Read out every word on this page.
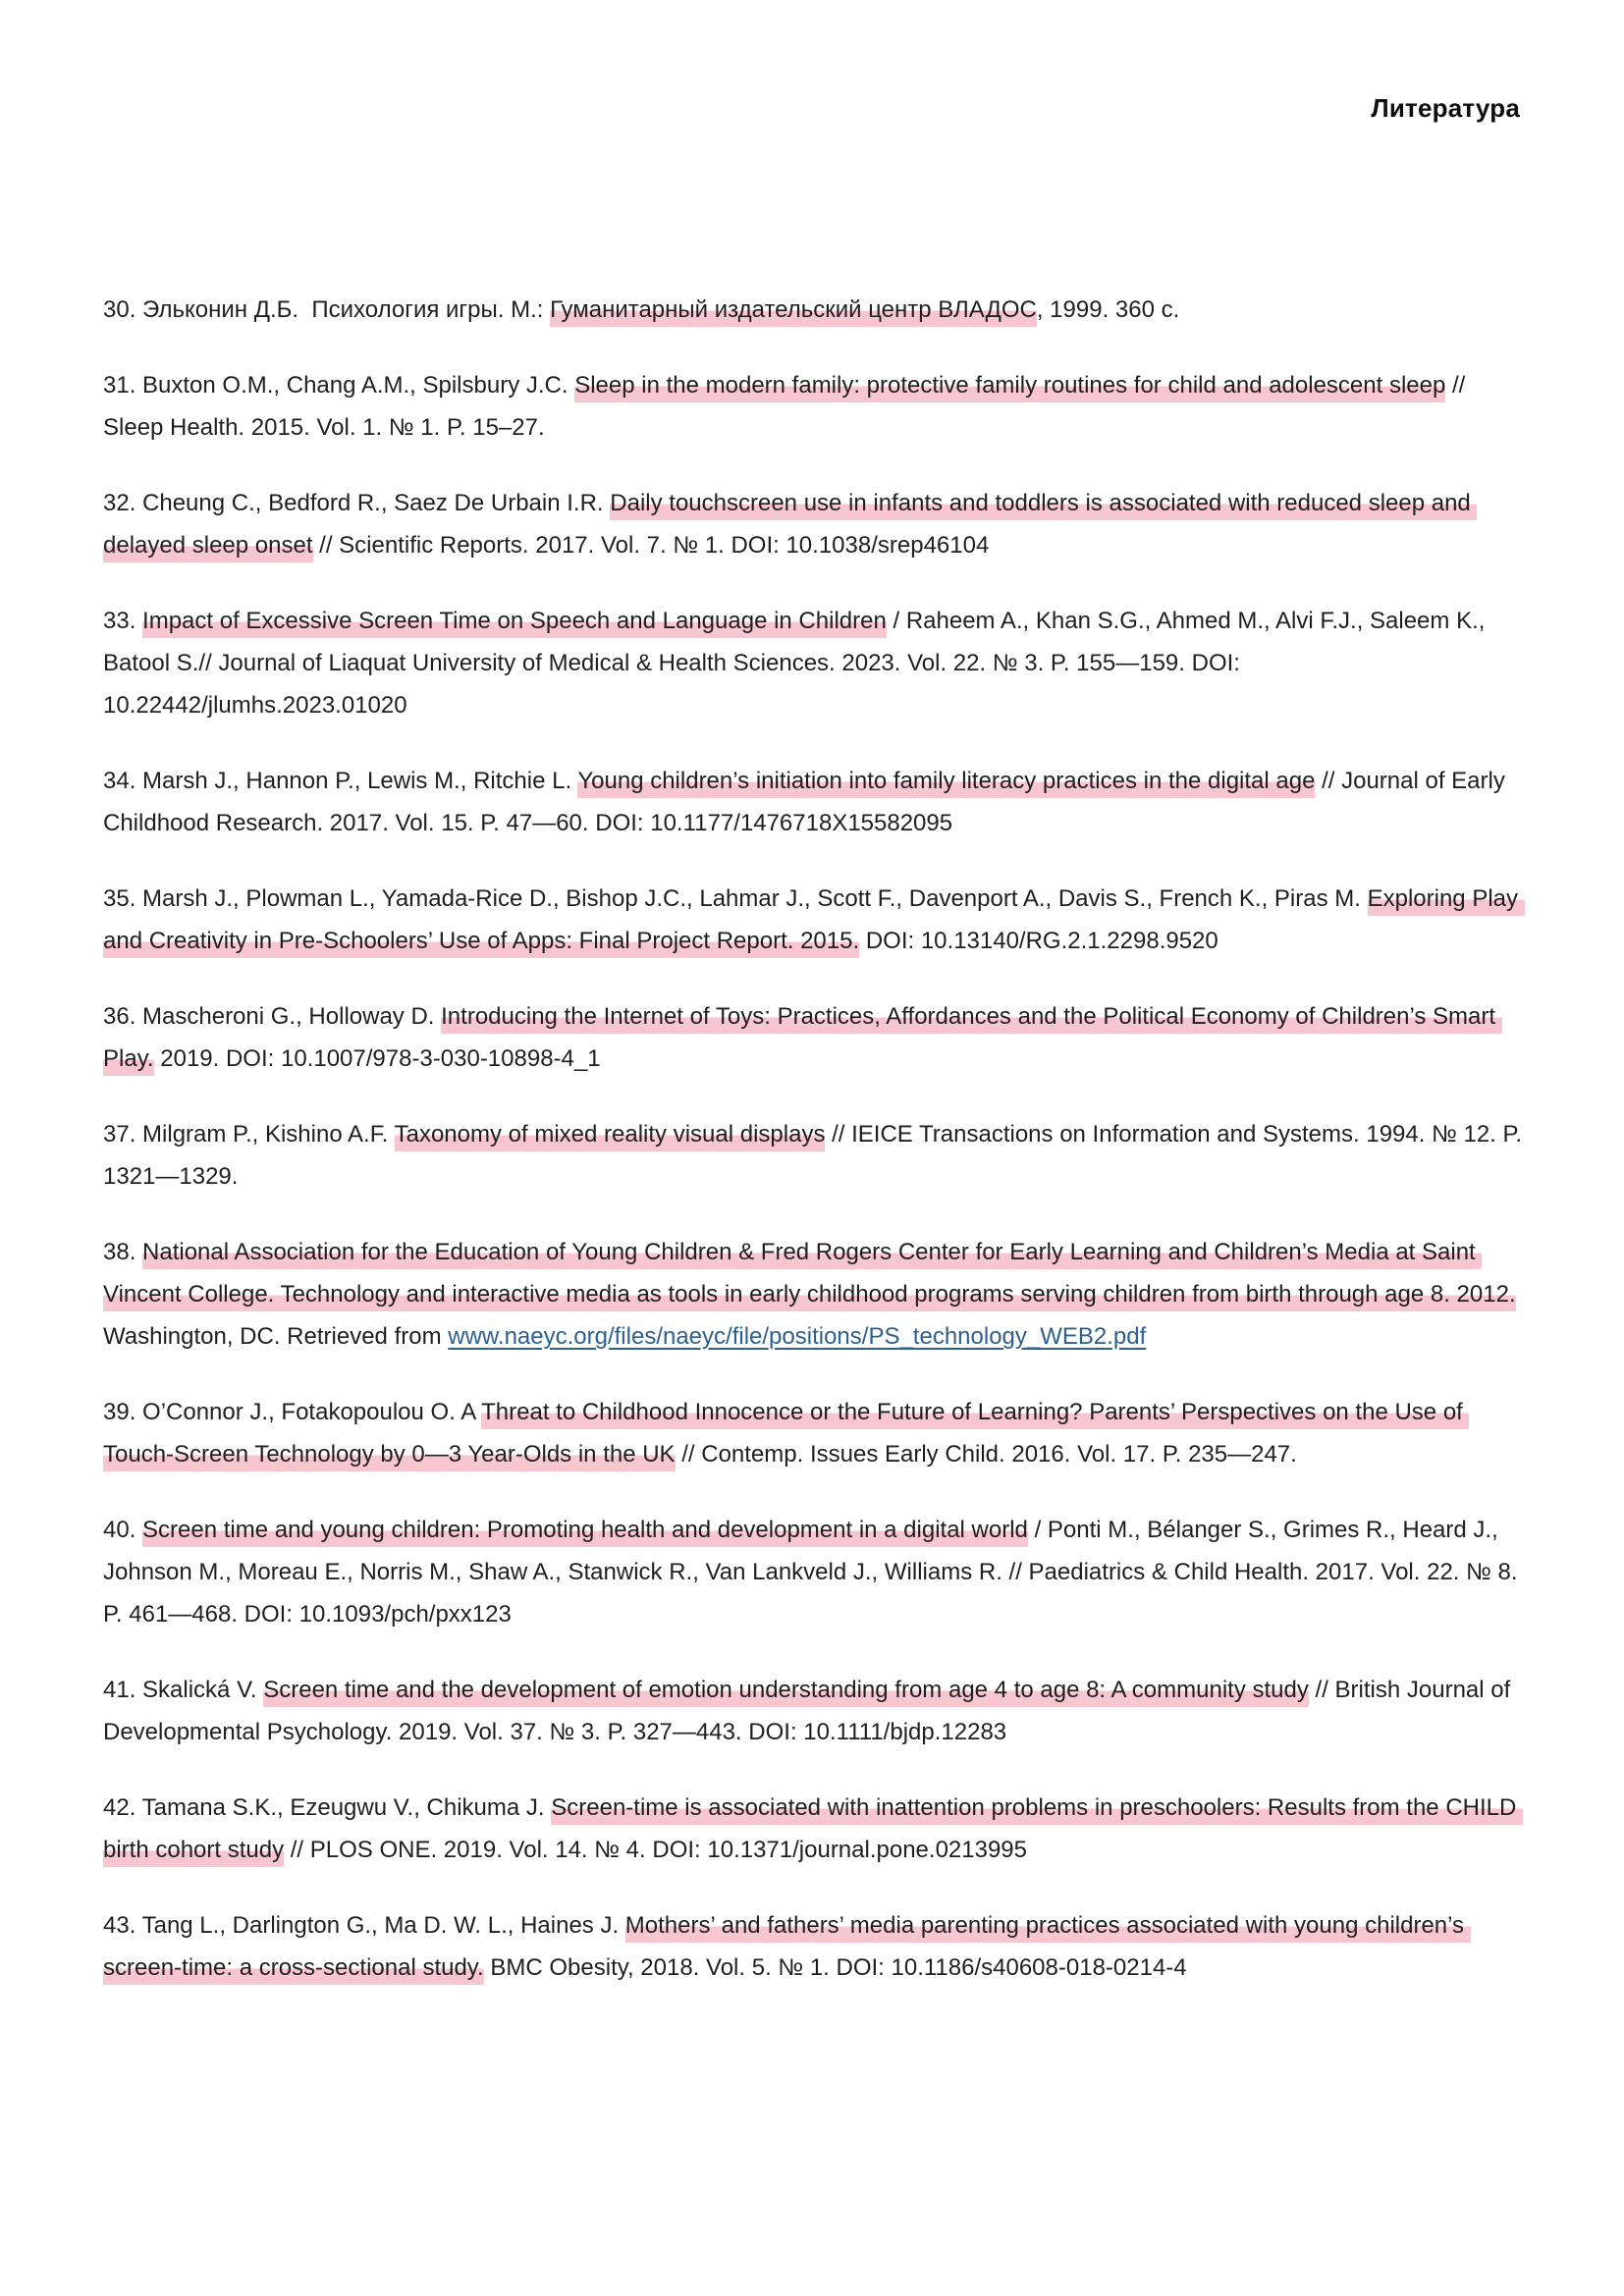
Литература

30. Эльконин Д.Б.  Психология игры. М.: Гуманитарный издательский центр ВЛАДОС, 1999. 360 с.

31. Buxton O.M., Chang A.M., Spilsbury J.C. Sleep in the modern family: protective family routines for child and adolescent sleep // Sleep Health. 2015. Vol. 1. № 1. P. 15–27.

32. Cheung C., Bedford R., Saez De Urbain I.R. Daily touchscreen use in infants and toddlers is associated with reduced sleep and delayed sleep onset // Scientific Reports. 2017. Vol. 7. № 1. DOI: 10.1038/srep46104

33. Impact of Excessive Screen Time on Speech and Language in Children / Raheem A., Khan S.G., Ahmed M., Alvi F.J., Saleem K., Batool S.// Journal of Liaquat University of Medical & Health Sciences. 2023. Vol. 22. № 3. P. 155—159. DOI: 10.22442/jlumhs.2023.01020

34. Marsh J., Hannon P., Lewis M., Ritchie L. Young children’s initiation into family literacy practices in the digital age // Journal of Early Childhood Research. 2017. Vol. 15. P. 47—60. DOI: 10.1177/1476718X15582095

35. Marsh J., Plowman L., Yamada-Rice D., Bishop J.C., Lahmar J., Scott F., Davenport A., Davis S., French K., Piras M. Exploring Play and Creativity in Pre-Schoolers’ Use of Apps: Final Project Report. 2015. DOI: 10.13140/RG.2.1.2298.9520

36. Mascheroni G., Holloway D. Introducing the Internet of Toys: Practices, Affordances and the Political Economy of Children’s Smart Play. 2019. DOI: 10.1007/978-3-030-10898-4_1

37. Milgram P., Kishino A.F. Taxonomy of mixed reality visual displays // IEICE Transactions on Information and Systems. 1994. № 12. P. 1321—1329.

38. National Association for the Education of Young Children & Fred Rogers Center for Early Learning and Children’s Media at Saint Vincent College. Technology and interactive media as tools in early childhood programs serving children from birth through age 8. 2012. Washington, DC. Retrieved from www.naeyc.org/files/naeyc/file/positions/PS_technology_WEB2.pdf

39. O’Connor J., Fotakopoulou O. A Threat to Childhood Innocence or the Future of Learning? Parents’ Perspectives on the Use of Touch-Screen Technology by 0—3 Year-Olds in the UK // Contemp. Issues Early Child. 2016. Vol. 17. P. 235—247.

40. Screen time and young children: Promoting health and development in a digital world / Ponti M., Bélanger S., Grimes R., Heard J., Johnson M., Moreau E., Norris M., Shaw A., Stanwick R., Van Lankveld J., Williams R. // Paediatrics & Child Health. 2017. Vol. 22. № 8. P. 461—468. DOI: 10.1093/pch/pxx123

41. Skalická V. Screen time and the development of emotion understanding from age 4 to age 8: A community study // British Journal of Developmental Psychology. 2019. Vol. 37. № 3. P. 327—443. DOI: 10.1111/bjdp.12283

42. Tamana S.K., Ezeugwu V., Chikuma J. Screen-time is associated with inattention problems in preschoolers: Results from the CHILD birth cohort study // PLOS ONE. 2019. Vol. 14. № 4. DOI: 10.1371/journal.pone.0213995

43. Tang L., Darlington G., Ma D. W. L., Haines J. Mothers’ and fathers’ media parenting practices associated with young children’s screen-time: a cross-sectional study. BMC Obesity, 2018. Vol. 5. № 1. DOI: 10.1186/s40608-018-0214-4
